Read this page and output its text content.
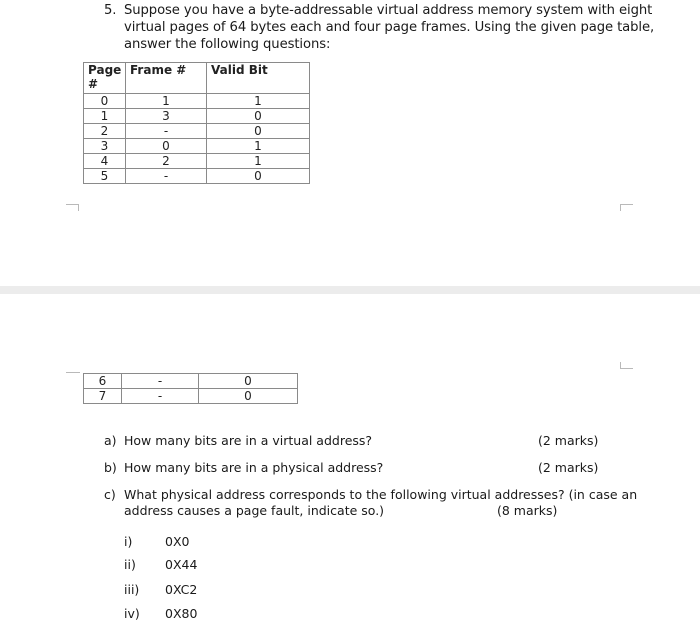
5. Suppose you have a byte-addressable virtual address memory system with eight
virtual pages of 64 bytes each and four page frames. Using the given page table,
answer the following questions:
Page
#	Frame #	Valid Bit
0	1	1
1	3	0
2	-	0
3	0	1
4	2	1
5	-	0
6	-	0
7	-	0
a) How many bits are in a virtual address?	(2 marks)
b) How many bits are in a physical address?	(2 marks)
c) What physical address corresponds to the following virtual addresses? (in case an
address causes a page fault, indicate so.)	(8 marks)
i)	0X0
ii) 0X44
iii) 0XC2
iv) 0X80
